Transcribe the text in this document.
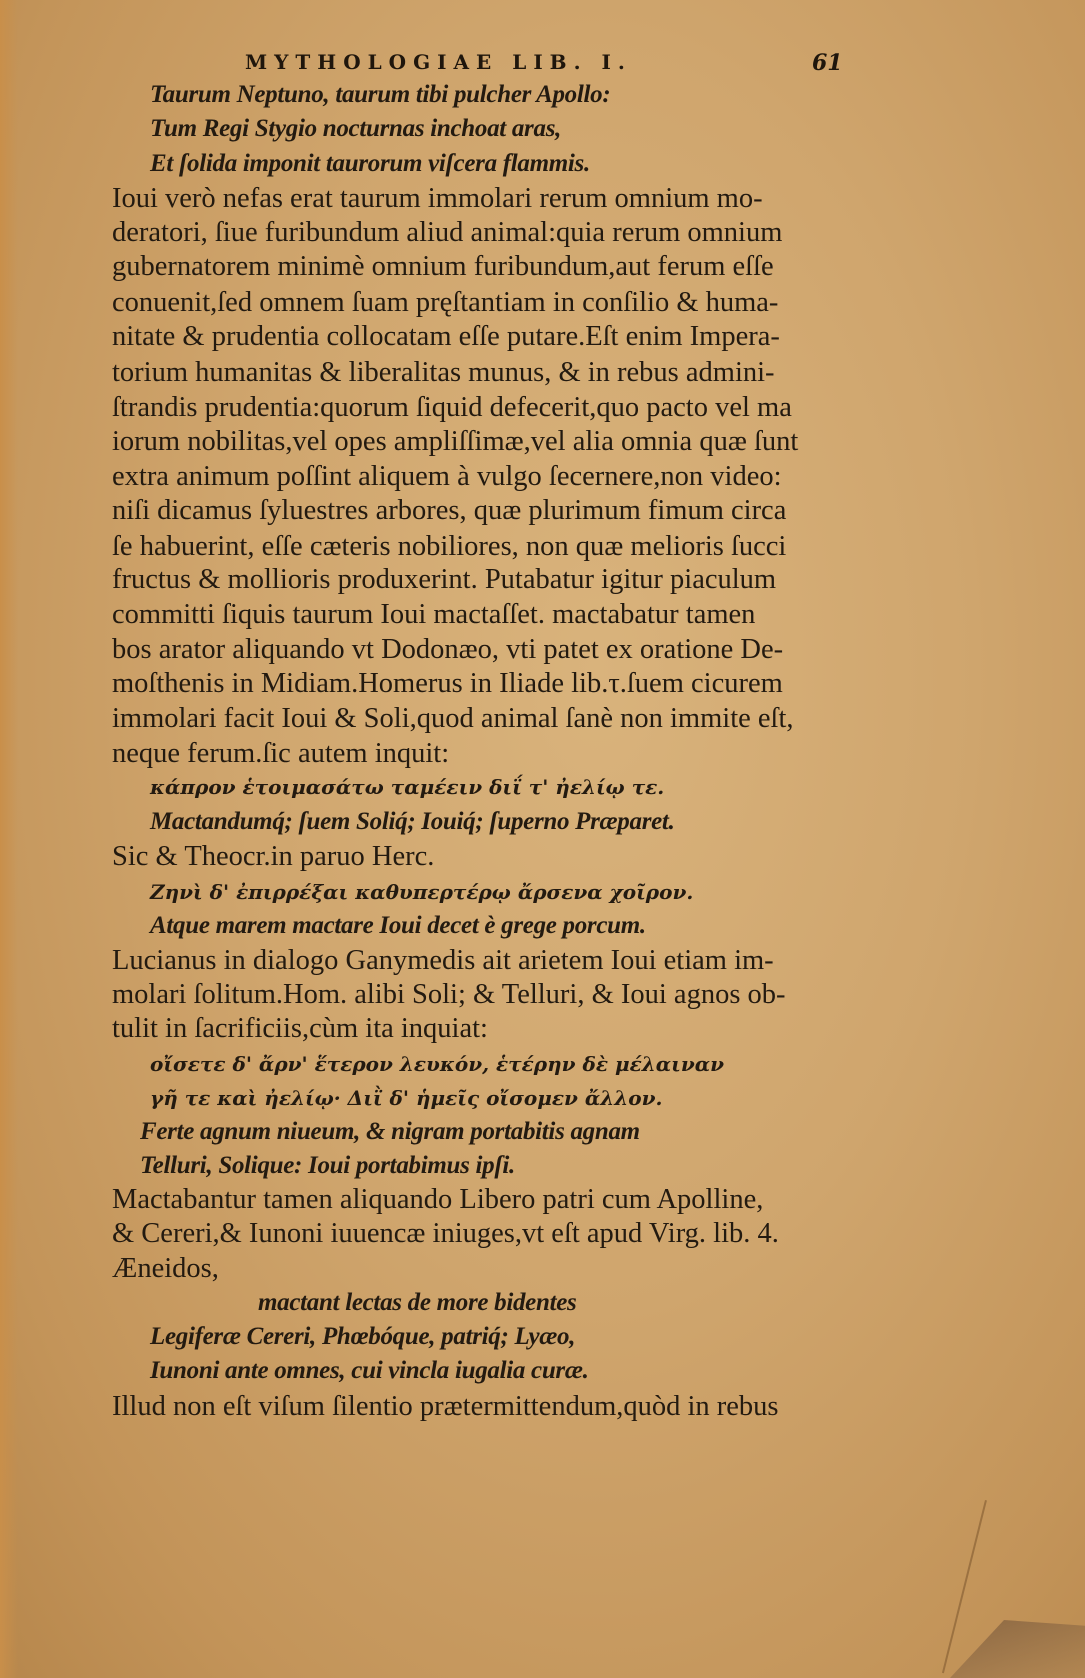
MYTHOLOGIAE LIB. I.	61
Taurum Neptuno, taurum tibi pulcher Apollo:
Tum Regi Stygio nocturnas inchoat aras,
Et ſolida imponit taurorum viſcera flammis.
Ioui verò nefas erat taurum immolari rerum omnium mo-
deratori, ſiue furibundum aliud animal:quia rerum omnium
gubernatorem minimè omnium furibundum,aut ferum eſſe
conuenit,ſed omnem ſuam pręſtantiam in conſilio & huma-
nitate & prudentia collocatam eſſe putare.Eſt enim Impera-
torium humanitas & liberalitas munus, & in rebus admini-
ſtrandis prudentia:quorum ſiquid defecerit,quo pacto vel ma
iorum nobilitas,vel opes ampliſſimæ,vel alia omnia quæ ſunt
extra animum poſſint aliquem à vulgo ſecernere,non video:
niſi dicamus ſyluestres arbores, quæ plurimum fimum circa
ſe habuerint, eſſe cæteris nobiliores, non quæ melioris ſucci
fructus & mollioris produxerint. Putabatur igitur piaculum
committi ſiquis taurum Ioui mactaſſet. mactabatur tamen
bos arator aliquando vt Dodonæo, vti patet ex oratione De-
moſthenis in Midiam.Homerus in Iliade lib.τ.ſuem cicurem
immolari facit Ioui & Soli,quod animal ſanè non immite eſt,
neque ferum.ſic autem inquit:
κάπρον ἑτοιμασάτω ταμέειν διΐ τ' ἠελίῳ τε.
Mactandumq́; ſuem Soliq́; Iouiq́; ſuperno Præparet.
Sic & Theocr.in paruo Herc.
Ζηνὶ δ' ἐπιρρέξαι καθυπερτέρῳ ἄρσενα χοῖρον.
Atque marem mactare Ioui decet è grege porcum.
Lucianus in dialogo Ganymedis ait arietem Ioui etiam im-
molari ſolitum.Hom. alibi Soli; & Telluri, & Ioui agnos ob-
tulit in ſacrificiis,cùm ita inquiat:
οἴσετε δ' ἄρν' ἕτερον λευκόν, ἑτέρην δὲ μέλαιναν
γῆ τε καὶ ἠελίῳ· Διῒ δ' ἡμεῖς οἴσομεν ἄλλον.
Ferte agnum niueum, & nigram portabitis agnam
Telluri, Solique: Ioui portabimus ipſi.
Mactabantur tamen aliquando Libero patri cum Apolline,
& Cereri,& Iunoni iuuencæ iniuges,vt eſt apud Virg. lib. 4.
Æneidos,
mactant lectas de more bidentes
Legiferæ Cereri, Phœbóque, patriq́; Lyæo,
Iunoni ante omnes, cui vincla iugalia curæ.
Illud non eſt viſum ſilentio prætermittendum,quòd in rebus
